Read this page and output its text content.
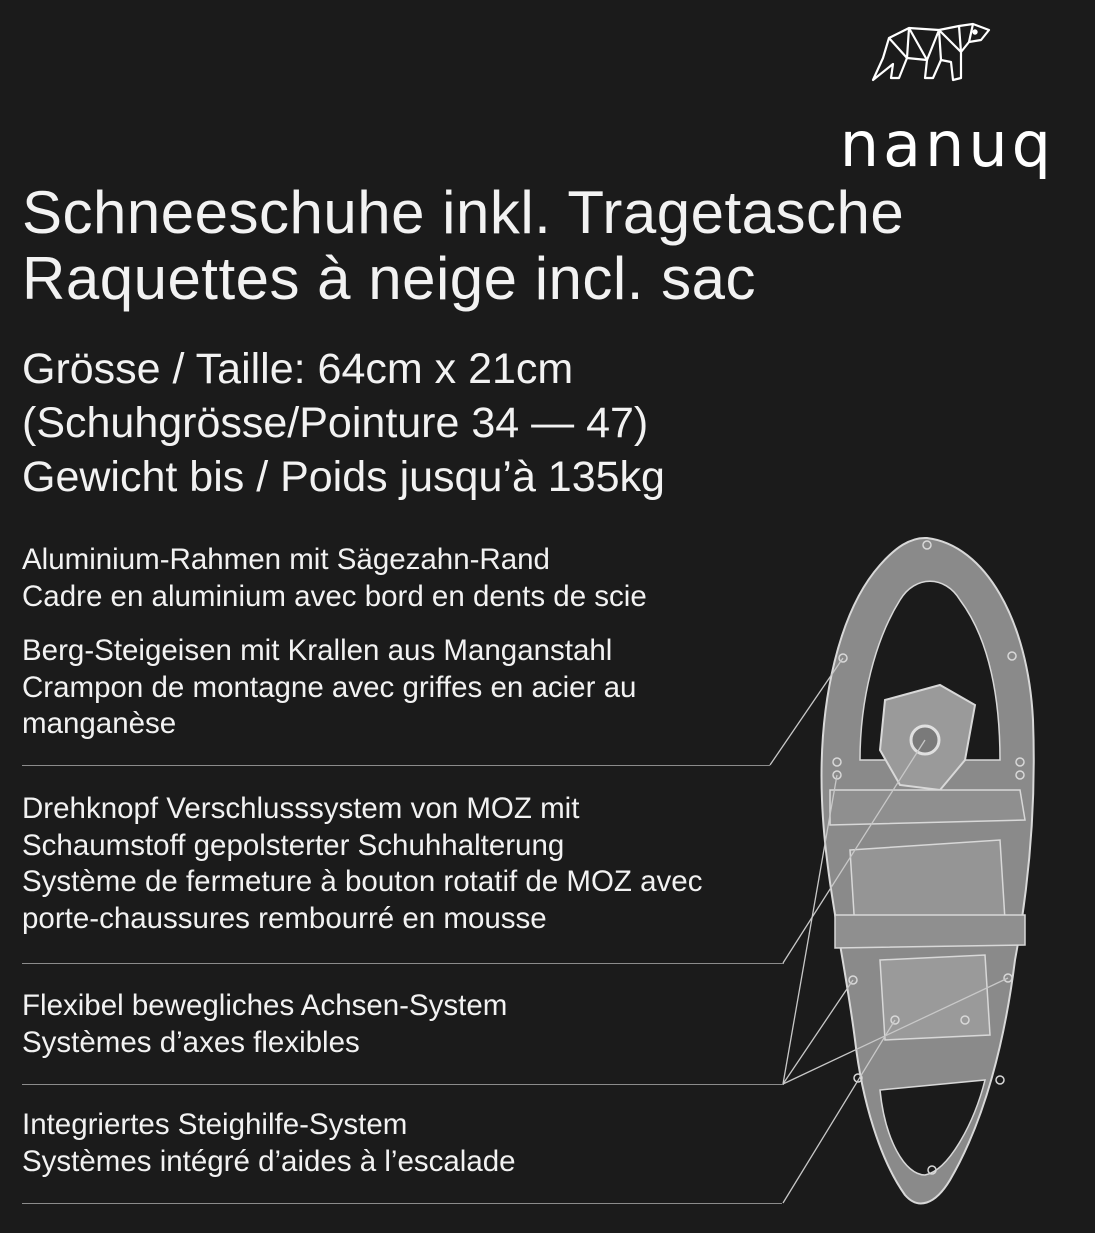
nanuq
Schneeschuhe inkl. Tragetasche
Raquettes à neige incl. sac
Grösse / Taille: 64cm x 21cm
(Schuhgrösse/Pointure 34 — 47)
Gewicht bis / Poids jusqu’à 135kg
Aluminium-Rahmen mit Sägezahn-Rand
Cadre en aluminium avec bord en dents de scie
Berg-Steigeisen mit Krallen aus Manganstahl
Crampon de montagne avec griffes en acier au
manganèse
Drehknopf Verschlusssystem von MOZ mit
Schaumstoff gepolsterter Schuhhalterung
Système de fermeture à bouton rotatif de MOZ avec
porte-chaussures rembourré en mousse
Flexibel bewegliches Achsen-System
Systèmes d’axes flexibles
Integriertes Steighilfe-System
Systèmes intégré d’aides à l’escalade
